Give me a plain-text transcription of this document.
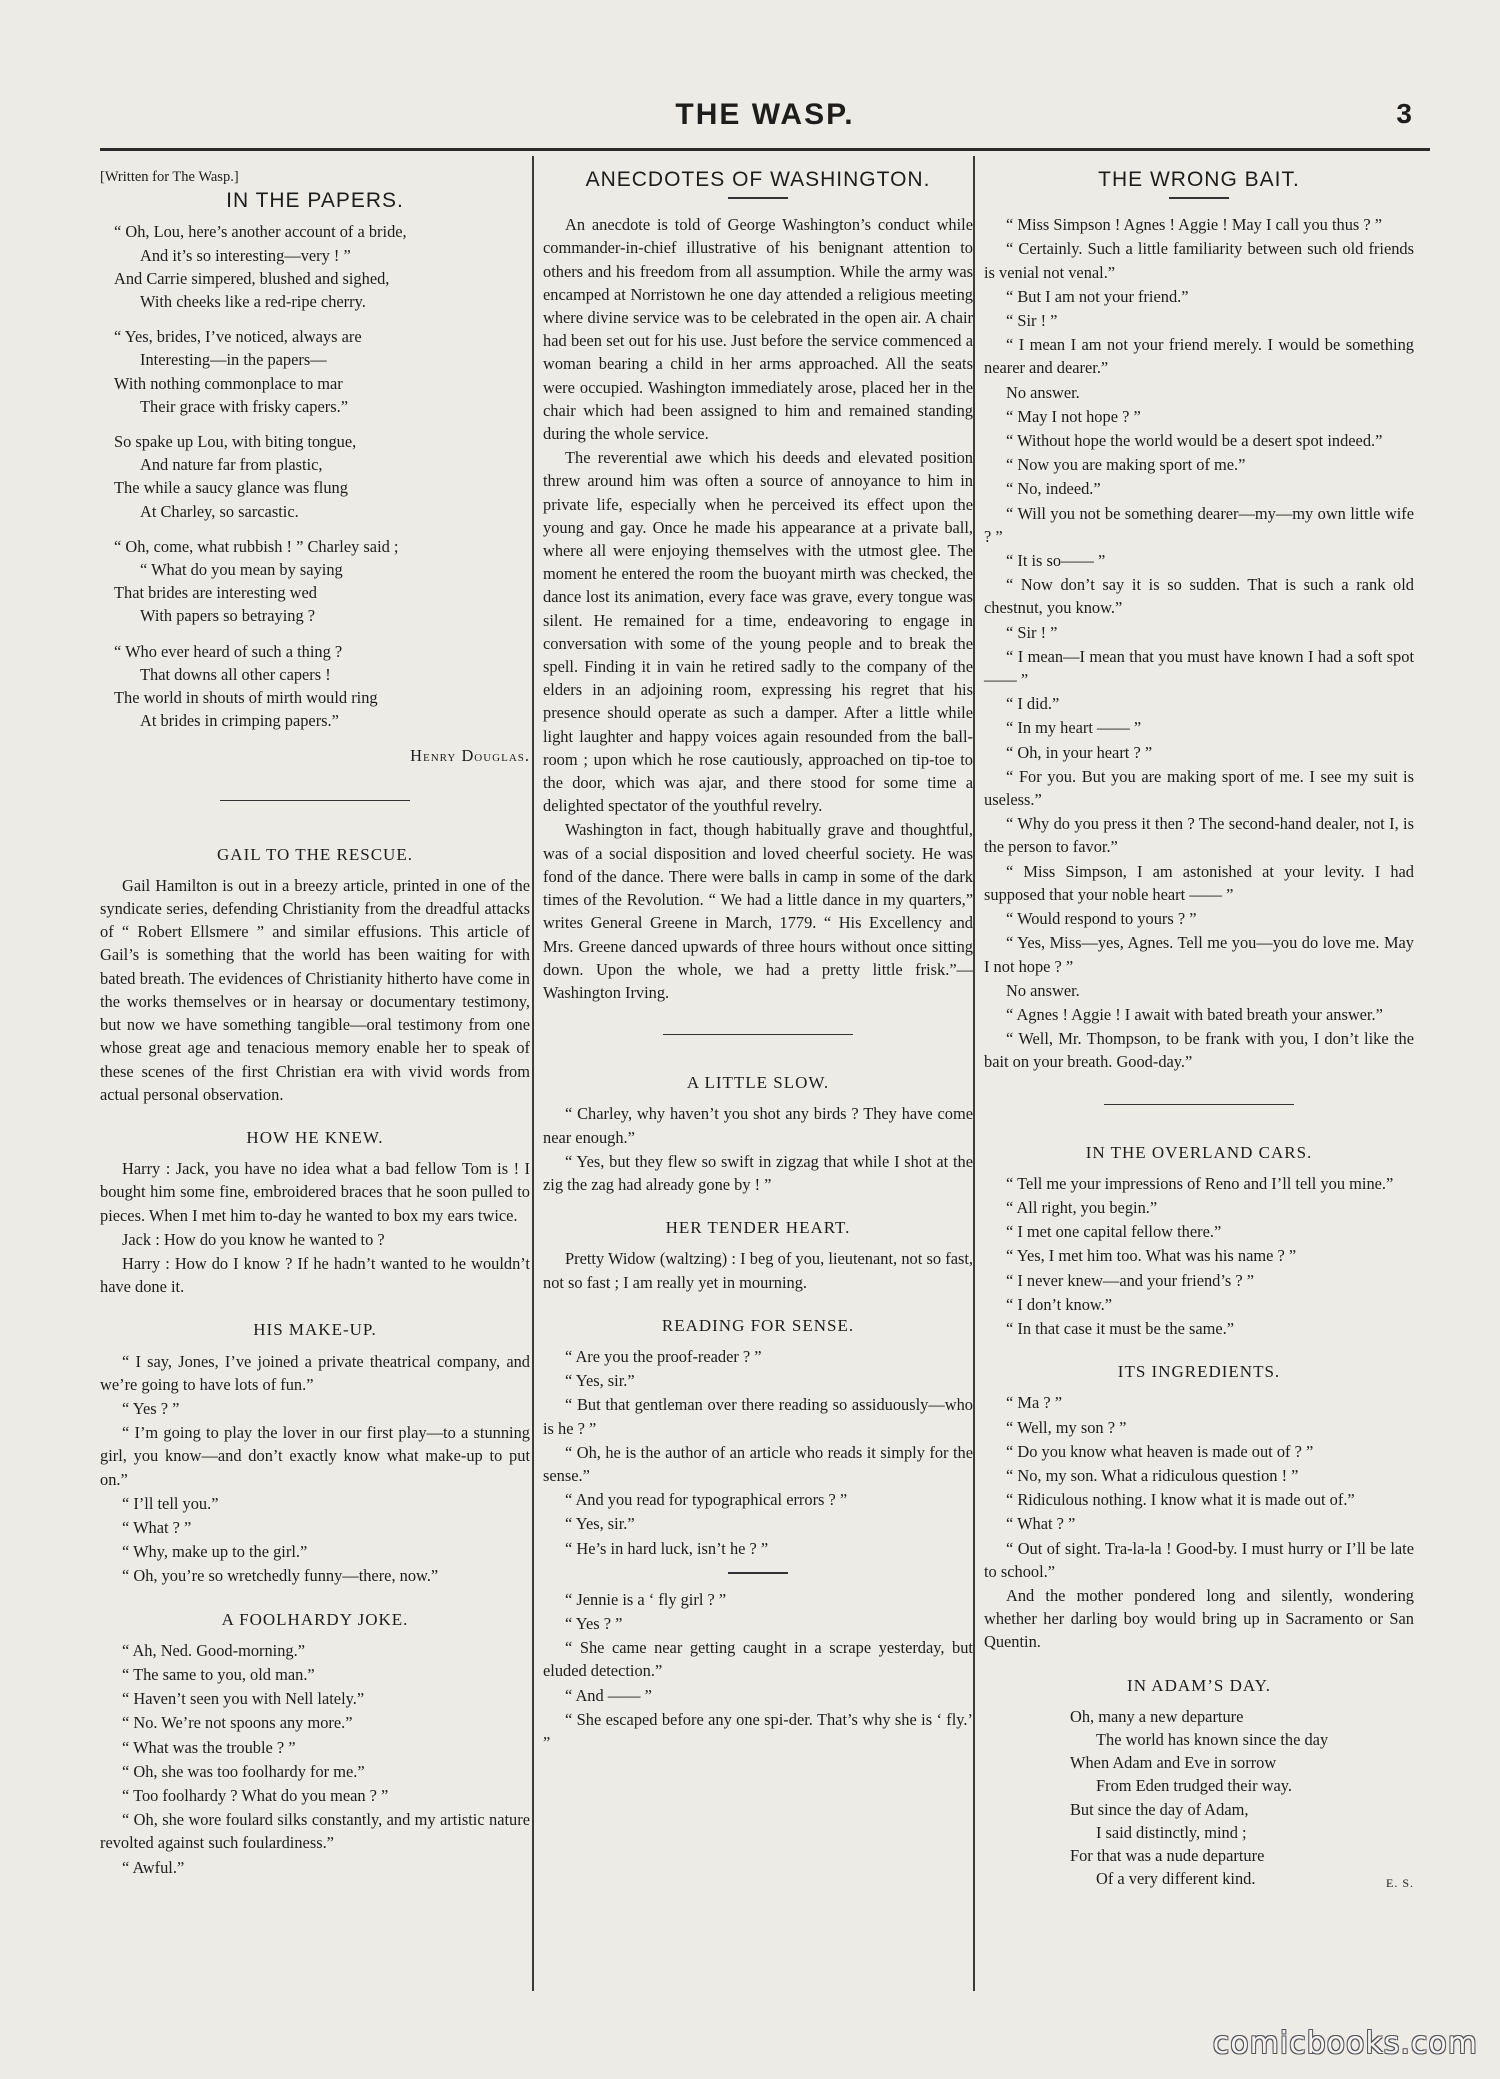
THE WASP.	3
[Written for The Wasp.]
IN THE PAPERS.
“ Oh, Lou, here’s another account of a bride,
And it’s so interesting—very ! ”
And Carrie simpered, blushed and sighed,
With cheeks like a red-ripe cherry.
“ Yes, brides, I’ve noticed, always are
Interesting—in the papers—
With nothing commonplace to mar
Their grace with frisky capers.”
So spake up Lou, with biting tongue,
And nature far from plastic,
The while a saucy glance was flung
At Charley, so sarcastic.
“ Oh, come, what rubbish ! ” Charley said ;
“ What do you mean by saying
That brides are interesting wed
With papers so betraying ?
“ Who ever heard of such a thing ?
That downs all other capers !
The world in shouts of mirth would ring
At brides in crimping papers.”
Henry Douglas.
GAIL TO THE RESCUE.

Gail Hamilton is out in a breezy article, printed in one of the syndicate series, defending Christianity from the dreadful attacks of “ Robert Ellsmere ” and similar effusions. This article of Gail’s is something that the world has been waiting for with bated breath. The evidences of Christianity hitherto have come in the works themselves or in hearsay or documentary testimony, but now we have something tangible—oral testimony from one whose great age and tenacious memory enable her to speak of these scenes of the first Christian era with vivid words from actual personal observation.

HOW HE KNEW.

Harry : Jack, you have no idea what a bad fellow Tom is ! I bought him some fine, embroidered braces that he soon pulled to pieces. When I met him to-day he wanted to box my ears twice.

Jack : How do you know he wanted to ?

Harry : How do I know ? If he hadn’t wanted to he wouldn’t have done it.

HIS MAKE-UP.

“ I say, Jones, I’ve joined a private theatrical company, and we’re going to have lots of fun.”

“ Yes ? ”

“ I’m going to play the lover in our first play—to a stunning girl, you know—and don’t exactly know what make-up to put on.”

“ I’ll tell you.”

“ What ? ”

“ Why, make up to the girl.”

“ Oh, you’re so wretchedly funny—there, now.”

A FOOLHARDY JOKE.

“ Ah, Ned. Good-morning.”

“ The same to you, old man.”

“ Haven’t seen you with Nell lately.”

“ No. We’re not spoons any more.”

“ What was the trouble ? ”

“ Oh, she was too foolhardy for me.”

“ Too foolhardy ? What do you mean ? ”

“ Oh, she wore foulard silks constantly, and my artistic nature revolted against such foulardiness.”

“ Awful.”

ANECDOTES OF WASHINGTON.

An anecdote is told of George Washington’s conduct while commander-in-chief illustrative of his benignant attention to others and his freedom from all assumption. While the army was encamped at Norristown he one day attended a religious meeting where divine service was to be celebrated in the open air. A chair had been set out for his use. Just before the service commenced a woman bearing a child in her arms approached. All the seats were occupied. Washington immediately arose, placed her in the chair which had been assigned to him and remained standing during the whole service.

The reverential awe which his deeds and elevated position threw around him was often a source of annoyance to him in private life, especially when he perceived its effect upon the young and gay. Once he made his appearance at a private ball, where all were enjoying themselves with the utmost glee. The moment he entered the room the buoyant mirth was checked, the dance lost its animation, every face was grave, every tongue was silent. He remained for a time, endeavoring to engage in conversation with some of the young people and to break the spell. Finding it in vain he retired sadly to the company of the elders in an adjoining room, expressing his regret that his presence should operate as such a damper. After a little while light laughter and happy voices again resounded from the ball-room ; upon which he rose cautiously, approached on tip-toe to the door, which was ajar, and there stood for some time a delighted spectator of the youthful revelry.

Washington in fact, though habitually grave and thoughtful, was of a social disposition and loved cheerful society. He was fond of the dance. There were balls in camp in some of the dark times of the Revolution. “ We had a little dance in my quarters,” writes General Greene in March, 1779. “ His Excellency and Mrs. Greene danced upwards of three hours without once sitting down. Upon the whole, we had a pretty little frisk.”—Washington Irving.

A LITTLE SLOW.

“ Charley, why haven’t you shot any birds ? They have come near enough.”

“ Yes, but they flew so swift in zigzag that while I shot at the zig the zag had already gone by ! ”

HER TENDER HEART.

Pretty Widow (waltzing) : I beg of you, lieutenant, not so fast, not so fast ; I am really yet in mourning.

READING FOR SENSE.

“ Are you the proof-reader ? ”

“ Yes, sir.”

“ But that gentleman over there reading so assiduously—who is he ? ”

“ Oh, he is the author of an article who reads it simply for the sense.”

“ And you read for typographical errors ? ”

“ Yes, sir.”

“ He’s in hard luck, isn’t he ? ”

“ Jennie is a ‘ fly girl ? ”

“ Yes ? ”

“ She came near getting caught in a scrape yesterday, but eluded detection.”

“ And —— ”

“ She escaped before any one spi-der. That’s why she is ‘ fly.’ ”

THE WRONG BAIT.

“ Miss Simpson ! Agnes ! Aggie ! May I call you thus ? ”

“ Certainly. Such a little familiarity between such old friends is venial not venal.”

“ But I am not your friend.”

“ Sir ! ”

“ I mean I am not your friend merely. I would be something nearer and dearer.”

No answer.

“ May I not hope ? ”

“ Without hope the world would be a desert spot indeed.”

“ Now you are making sport of me.”

“ No, indeed.”

“ Will you not be something dearer—my—my own little wife ? ”

“ It is so—— ”

“ Now don’t say it is so sudden. That is such a rank old chestnut, you know.”

“ Sir ! ”

“ I mean—I mean that you must have known I had a soft spot —— ”

“ I did.”

“ In my heart —— ”

“ Oh, in your heart ? ”

“ For you. But you are making sport of me. I see my suit is useless.”

“ Why do you press it then ? The second-hand dealer, not I, is the person to favor.”

“ Miss Simpson, I am astonished at your levity. I had supposed that your noble heart —— ”

“ Would respond to yours ? ”

“ Yes, Miss—yes, Agnes. Tell me you—you do love me. May I not hope ? ”

No answer.

“ Agnes ! Aggie ! I await with bated breath your answer.”

“ Well, Mr. Thompson, to be frank with you, I don’t like the bait on your breath. Good-day.”

IN THE OVERLAND CARS.

“ Tell me your impressions of Reno and I’ll tell you mine.”

“ All right, you begin.”

“ I met one capital fellow there.”

“ Yes, I met him too. What was his name ? ”

“ I never knew—and your friend’s ? ”

“ I don’t know.”

“ In that case it must be the same.”

ITS INGREDIENTS.

“ Ma ? ”

“ Well, my son ? ”

“ Do you know what heaven is made out of ? ”

“ No, my son. What a ridiculous question ! ”

“ Ridiculous nothing. I know what it is made out of.”

“ What ? ”

“ Out of sight. Tra-la-la ! Good-by. I must hurry or I’ll be late to school.”

And the mother pondered long and silently, wondering whether her darling boy would bring up in Sacramento or San Quentin.

IN ADAM’S DAY.
Oh, many a new departure
The world has known since the day
When Adam and Eve in sorrow
From Eden trudged their way.
But since the day of Adam,
I said distinctly, mind ;
For that was a nude departure
Of a very different kind.	E. S.
comicbooks.com
